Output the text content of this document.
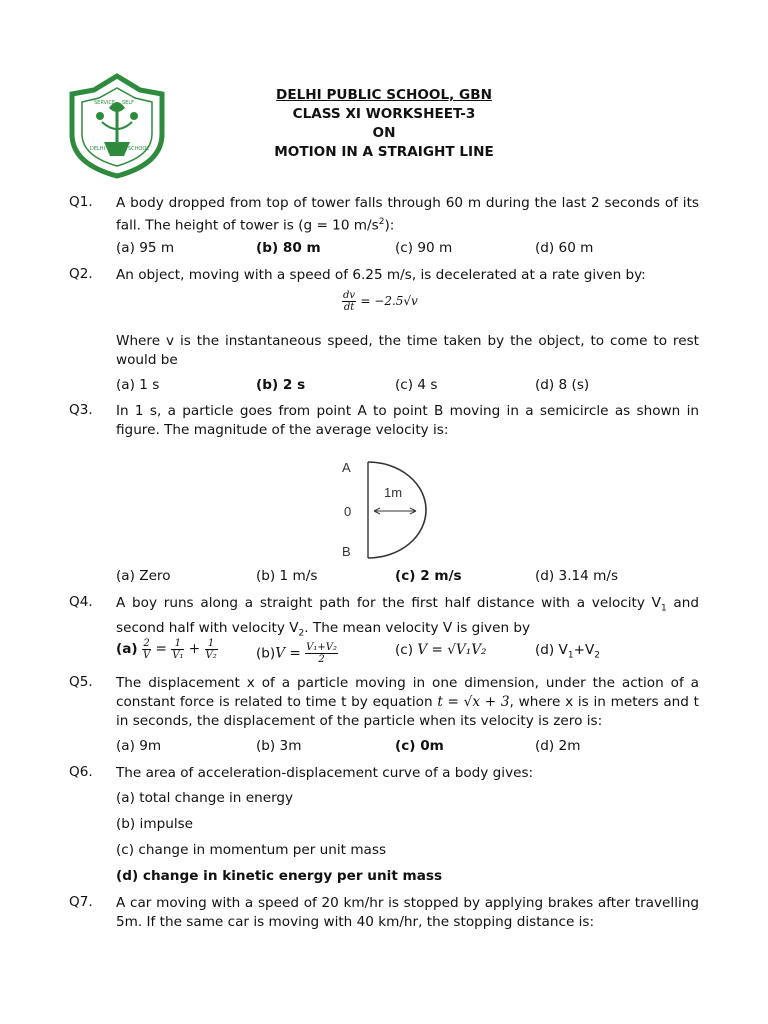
SERVICE SELF
DELHI	SCHOOL
DELHI PUBLIC SCHOOL, GBN
CLASS XI WORKSHEET-3
ON
MOTION IN A STRAIGHT LINE
Q1. A body dropped from top of tower falls through 60 m during the last 2 seconds of its fall. The height of tower is (g = 10 $m/s^2$):
(a) 95 m	(b) 80 m	(c) 90 m	(d) 60 m
Q2. An object, moving with a speed of 6.25 m/s, is decelerated at a rate given by:
$\frac{dv}{dt} = -2.5√v$
Where v is the instantaneous speed, the time taken by the object, to come to rest would be
(a) 1 s	(b) 2 s	(c) 4 s	(d) 8 (s)
Q3. In 1 s, a particle goes from point A to point B moving in a semicircle as shown in figure. The magnitude of the average velocity is:
A
0
B
1m
(a) Zero	(b) 1 m/s	(c) 2 m/s	(d) 3.14 m/s
Q4. A boy runs along a straight path for the first half distance with a velocity $V_1$ and second half with velocity $V_2$. The mean velocity V is given by
$(a) \frac{2}{V} = \frac{1}{\text{V₁}} + \frac{1}{\text{V₂}}$	$(b)V = \frac{\text{V₁+V₂}}{2}$	(c) V = √V₁V₂	(d) $V_1+V_2$
Q5. The displacement x of a particle moving in one dimension, under the action of a constant force is related to time t by equation t = √x + 3, where x is in meters and t in seconds, the displacement of the particle when its velocity is zero is:
(a) 9m	(b) 3m	(c) 0m	(d) 2m
Q6. The area of acceleration-displacement curve of a body gives:
(a) total change in energy
(b) impulse
(c) change in momentum per unit mass
(d) change in kinetic energy per unit mass
Q7. A car moving with a speed of 20 km/hr is stopped by applying brakes after travelling 5m. If the same car is moving with 40 km/hr, the stopping distance is:
